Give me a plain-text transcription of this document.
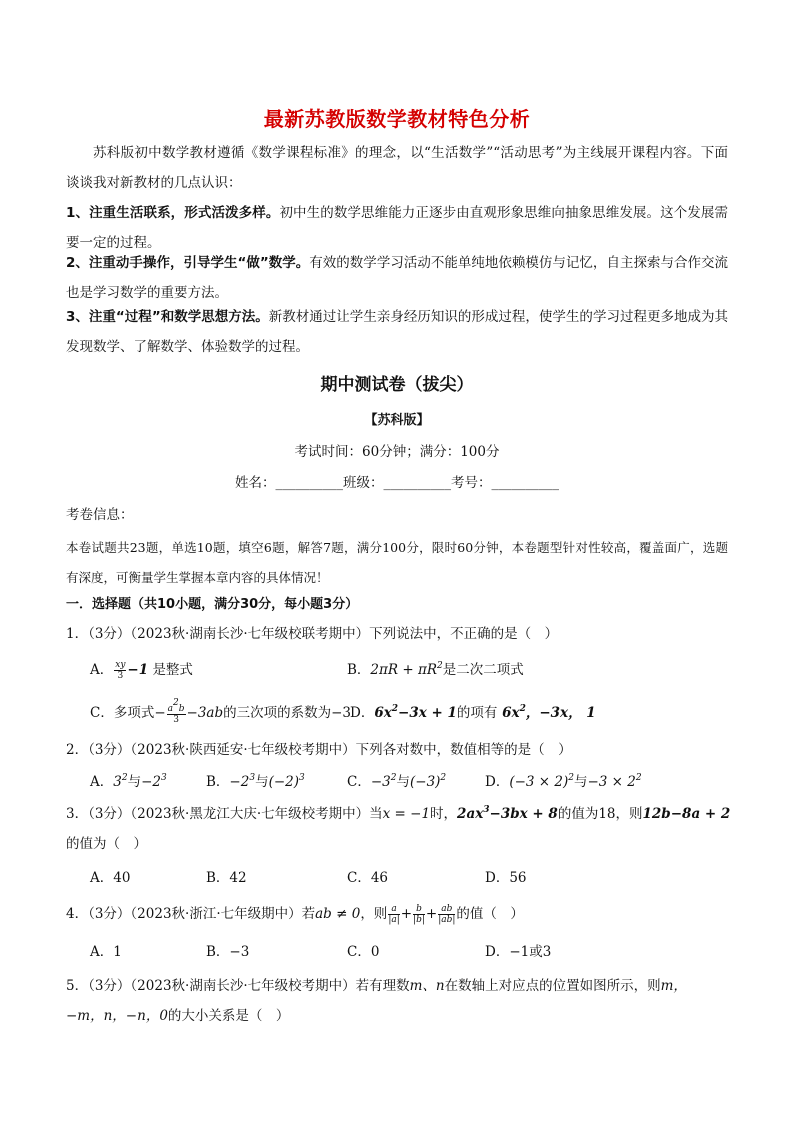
最新苏教版数学教材特色分析
苏科版初中数学教材遵循《数学课程标准》的理念，以“生活数学”“活动思考”为主线展开课程内容。下面谈谈我对新教材的几点认识：
1、注重生活联系，形式活泼多样。初中生的数学思维能力正逐步由直观形象思维向抽象思维发展。这个发展需要一定的过程。
2、注重动手操作，引导学生“做”数学。有效的数学学习活动不能单纯地依赖模仿与记忆，自主探索与合作交流也是学习数学的重要方法。
3、注重“过程”和数学思想方法。新教材通过让学生亲身经历知识的形成过程，使学生的学习过程更多地成为其发现数学、了解数学、体验数学的过程。
期中测试卷（拔尖）
【苏科版】
考试时间：60分钟；满分：100分
姓名：__________班级：__________考号：__________
考卷信息：
本卷试题共23题，单选10题，填空6题，解答7题，满分100分，限时60分钟，本卷题型针对性较高，覆盖面广，选题有深度，可衡量学生掌握本章内容的具体情况！
一．选择题（共10小题，满分30分，每小题3分）
1．（3分）（2023秋·湖南长沙·七年级校联考期中）下列说法中，不正确的是（　）
A． $\frac{xy}{3} -1$ 是整式	B．$2\pi R + \pi R^2$是二次二项式
C．多项式− $\frac{a^2b}{3} -3ab$的三次项的系数为−3
D．$6x^2-3x + 1$的项有 $6x^2$，−3x， 1
2．（3分）（2023秋·陕西延安·七年级校考期中）下列各对数中，数值相等的是（　）
A．$3^2$与$-2^3$	B．$-2^3$与$(-2)^3$	C．$-3^2$与$(-3)^2$	D．$(-3 \times 2)^2$与$-3 \times 2^2$
3．（3分）（2023秋·黑龙江大庆·七年级校考期中）当x = −1时，$2ax^3-3bx + 8$的值为18，则12b−8a + 2
的值为（　）
A．40	B．42	C．46	D．56
4．（3分）（2023秋·浙江·七年级期中）若ab ≠ 0，则 $\frac{a}{|a|} + \frac{b}{|b|} + \frac{ab}{|ab|}$ 的值（　）
A．1	B．−3	C．0	D．−1或3
5．（3分）（2023秋·湖南长沙·七年级校考期中）若有理数m、n在数轴上对应点的位置如图所示，则m，
−m，n，−n，0的大小关系是（　）
